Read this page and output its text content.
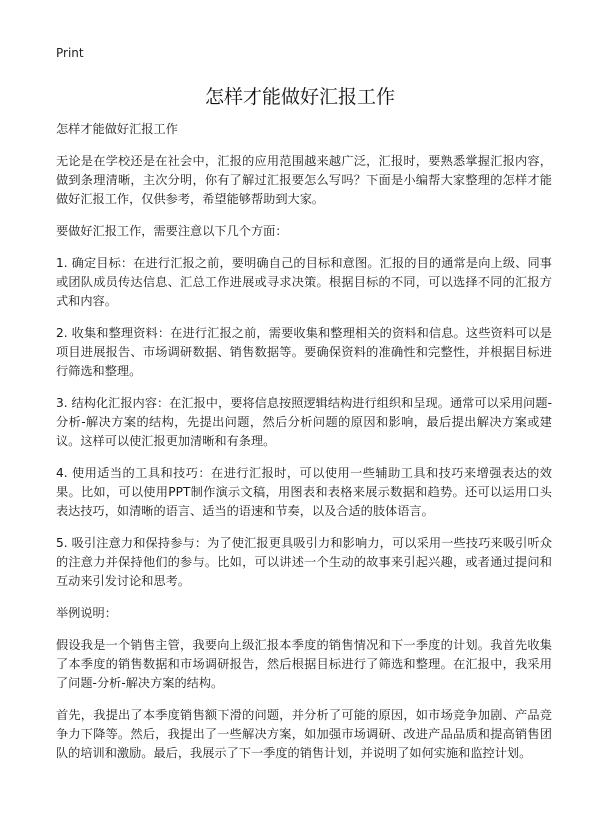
Print
怎样才能做好汇报工作

怎样才能做好汇报工作

无论是在学校还是在社会中，汇报的应用范围越来越广泛，汇报时，要熟悉掌握汇报内容，做到条理清晰，主次分明，你有了解过汇报要怎么写吗？下面是小编帮大家整理的怎样才能做好汇报工作，仅供参考，希望能够帮助到大家。

要做好汇报工作，需要注意以下几个方面：

1. 确定目标：在进行汇报之前，要明确自己的目标和意图。汇报的目的通常是向上级、同事或团队成员传达信息、汇总工作进展或寻求决策。根据目标的不同，可以选择不同的汇报方式和内容。

2. 收集和整理资料：在进行汇报之前，需要收集和整理相关的资料和信息。这些资料可以是项目进展报告、市场调研数据、销售数据等。要确保资料的准确性和完整性，并根据目标进行筛选和整理。

3. 结构化汇报内容：在汇报中，要将信息按照逻辑结构进行组织和呈现。通常可以采用问题-分析-解决方案的结构，先提出问题，然后分析问题的原因和影响，最后提出解决方案或建议。这样可以使汇报更加清晰和有条理。

4. 使用适当的工具和技巧：在进行汇报时，可以使用一些辅助工具和技巧来增强表达的效果。比如，可以使用PPT制作演示文稿，用图表和表格来展示数据和趋势。还可以运用口头表达技巧，如清晰的语言、适当的语速和节奏，以及合适的肢体语言。

5. 吸引注意力和保持参与：为了使汇报更具吸引力和影响力，可以采用一些技巧来吸引听众的注意力并保持他们的参与。比如，可以讲述一个生动的故事来引起兴趣，或者通过提问和互动来引发讨论和思考。

举例说明：

假设我是一个销售主管，我要向上级汇报本季度的销售情况和下一季度的计划。我首先收集了本季度的销售数据和市场调研报告，然后根据目标进行了筛选和整理。在汇报中，我采用了问题-分析-解决方案的结构。

首先，我提出了本季度销售额下滑的问题，并分析了可能的原因，如市场竞争加剧、产品竞争力下降等。然后，我提出了一些解决方案，如加强市场调研、改进产品品质和提高销售团队的培训和激励。最后，我展示了下一季度的销售计划，并说明了如何实施和监控计划。
